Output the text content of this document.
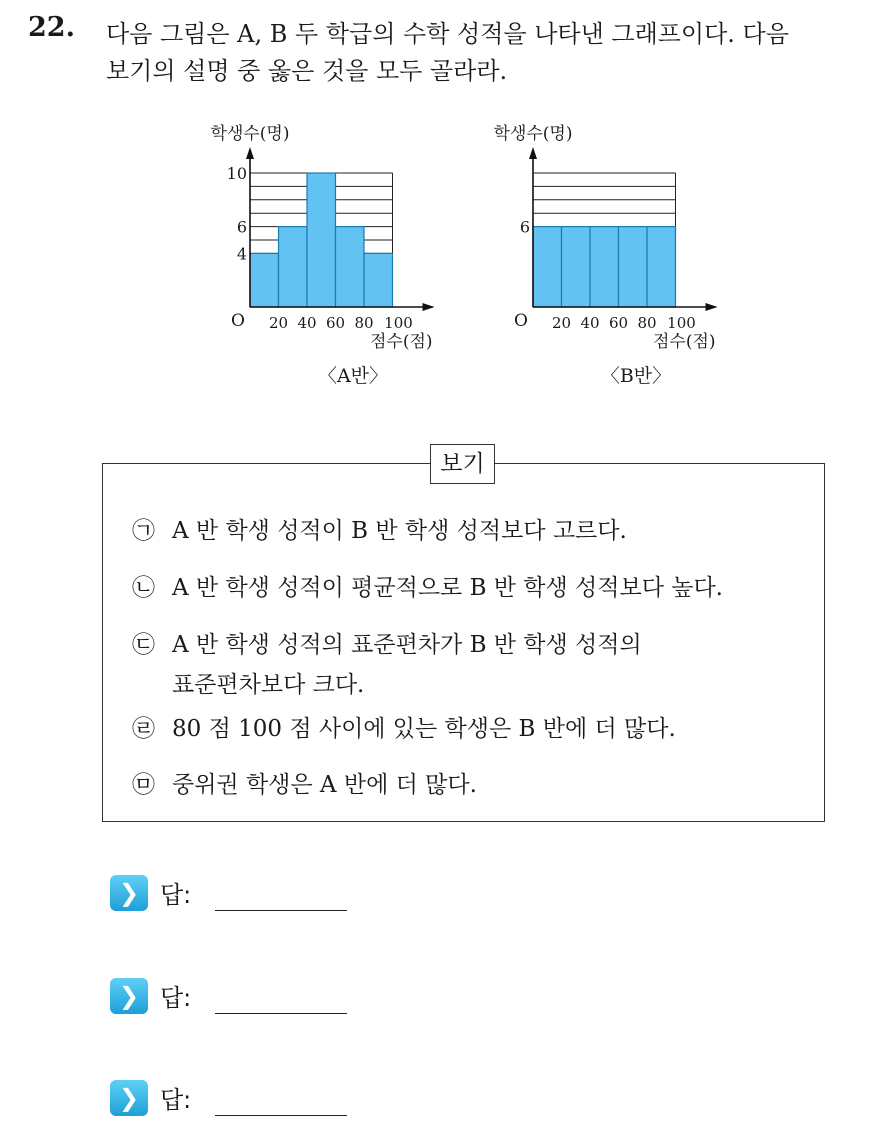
22. 다음 그림은 A, B 두 학급의 수학 성적을 나타낸 그래프이다. 다음
보기의 설명 중 옳은 것을 모두 골라라.
4
6
10
20 40 60 80 100
O
학생수(명)
점수(점)
〈A반〉
6
20 40 60 80 100
O
학생수(명)
점수(점)
〈B반〉
보기
㉠ A 반 학생 성적이 B 반 학생 성적보다 고르다.
㉡ A 반 학생 성적이 평균적으로 B 반 학생 성적보다 높다.
㉢ A 반 학생 성적의 표준편차가 B 반 학생 성적의
표준편차보다 크다.
㉣ 80 점 100 점 사이에 있는 학생은 B 반에 더 많다.
㉤ 중위권 학생은 A 반에 더 많다.
❯ 답:
❯ 답:
❯ 답:
